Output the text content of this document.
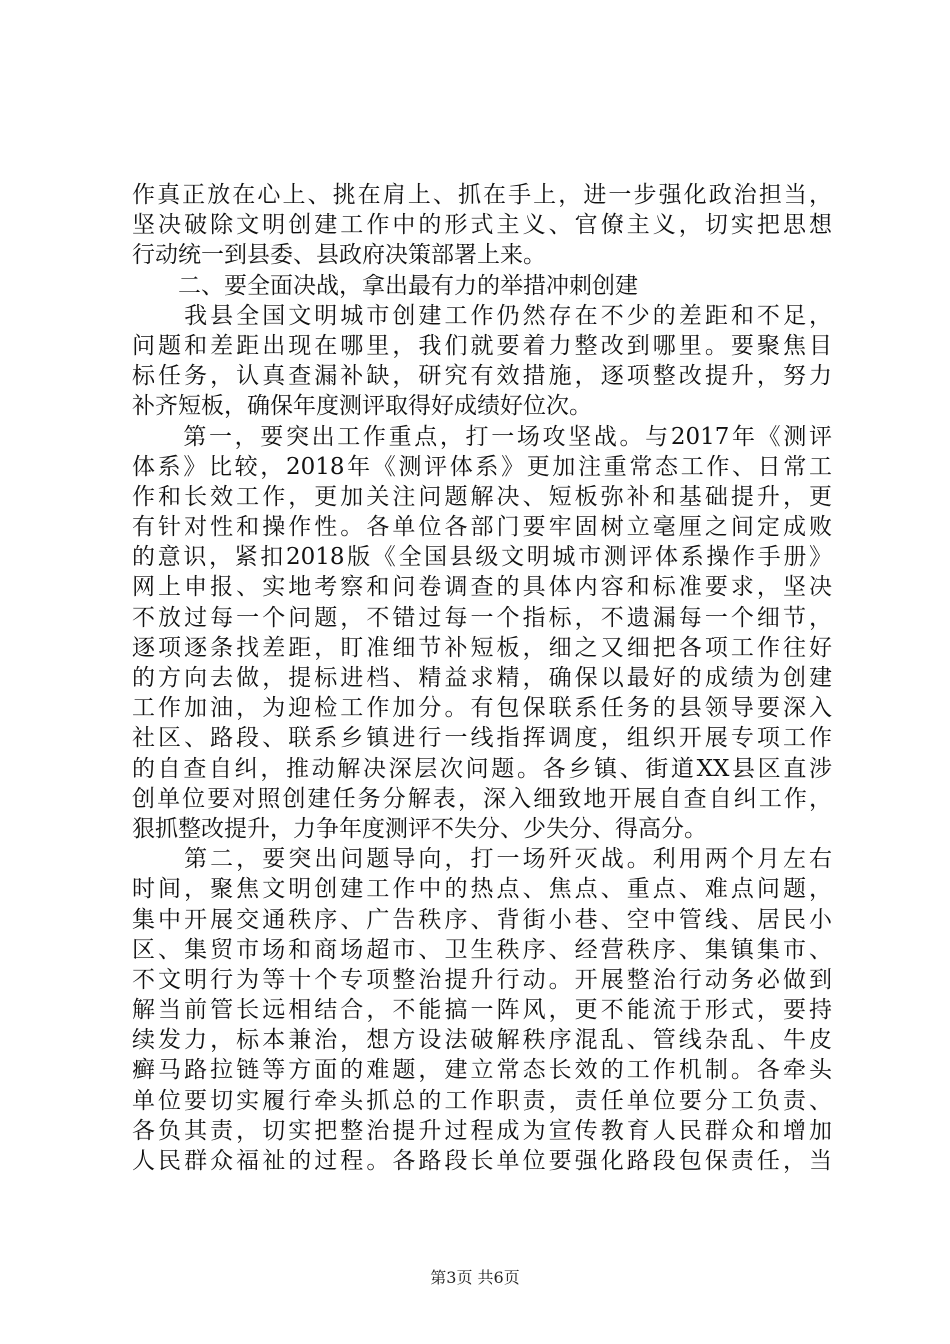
作真正放在心上、挑在肩上、抓在手上，进一步强化政治担当，
坚决破除文明创建工作中的形式主义、官僚主义，切实把思想
行动统一到县委、县政府决策部署上来。
　　二、要全面决战，拿出最有力的举措冲刺创建
　　我县全国文明城市创建工作仍然存在不少的差距和不足，
问题和差距出现在哪里，我们就要着力整改到哪里。要聚焦目
标任务，认真查漏补缺，研究有效措施，逐项整改提升，努力
补齐短板，确保年度测评取得好成绩好位次。
　　第一，要突出工作重点，打一场攻坚战。与2017年《测评
体系》比较，2018年《测评体系》更加注重常态工作、日常工
作和长效工作，更加关注问题解决、短板弥补和基础提升，更
有针对性和操作性。各单位各部门要牢固树立毫厘之间定成败
的意识，紧扣2018版《全国县级文明城市测评体系操作手册》
网上申报、实地考察和问卷调查的具体内容和标准要求，坚决
不放过每一个问题，不错过每一个指标，不遗漏每一个细节，
逐项逐条找差距，盯准细节补短板，细之又细把各项工作往好
的方向去做，提标进档、精益求精，确保以最好的成绩为创建
工作加油，为迎检工作加分。有包保联系任务的县领导要深入
社区、路段、联系乡镇进行一线指挥调度，组织开展专项工作
的自查自纠，推动解决深层次问题。各乡镇、街道XX县区直涉
创单位要对照创建任务分解表，深入细致地开展自查自纠工作，
狠抓整改提升，力争年度测评不失分、少失分、得高分。
　　第二，要突出问题导向，打一场歼灭战。利用两个月左右
时间，聚焦文明创建工作中的热点、焦点、重点、难点问题，
集中开展交通秩序、广告秩序、背街小巷、空中管线、居民小
区、集贸市场和商场超市、卫生秩序、经营秩序、集镇集市、
不文明行为等十个专项整治提升行动。开展整治行动务必做到
解当前管长远相结合，不能搞一阵风，更不能流于形式，要持
续发力，标本兼治，想方设法破解秩序混乱、管线杂乱、牛皮
癣马路拉链等方面的难题，建立常态长效的工作机制。各牵头
单位要切实履行牵头抓总的工作职责，责任单位要分工负责、
各负其责，切实把整治提升过程成为宣传教育人民群众和增加
人民群众福祉的过程。各路段长单位要强化路段包保责任，当
第3页 共6页
